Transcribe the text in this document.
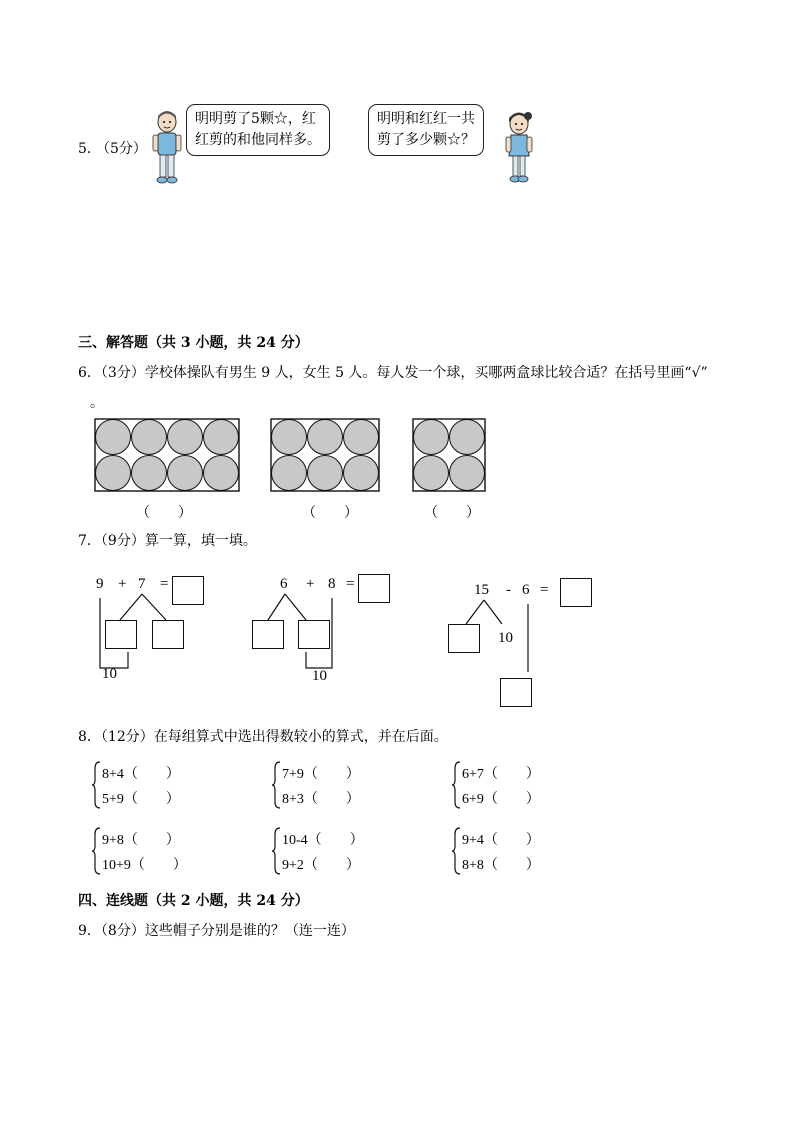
5．
（5分）
明明剪了5颗☆，红
红剪的和他同样多。
明明和红红一共
剪了多少颗☆？
三、解答题（共 3 小题，共 24 分）
6．（3分）学校体操队有男生 9 人，女生 5 人。每人发一个球，买哪两盒球比较合适？在括号里画“√”
。
（　　）	（　　）	（　　）
7．（9分）算一算，填一填。
9 + 7 =
10
6 + 8 =
10
15 - 6 =
10
8．（12分）在每组算式中选出得数较小的算式，并在后面。
8+4（　　）
5+9（　　）
7+9（　　）
8+3（　　）
6+7（　　）
6+9（　　）
9+8（　　）
10+9（　　）
10-4（　　）
9+2（　　）
9+4（　　）
8+8（　　）
四、连线题（共 2 小题，共 24 分）
9．（8分）这些帽子分别是谁的？（连一连）
